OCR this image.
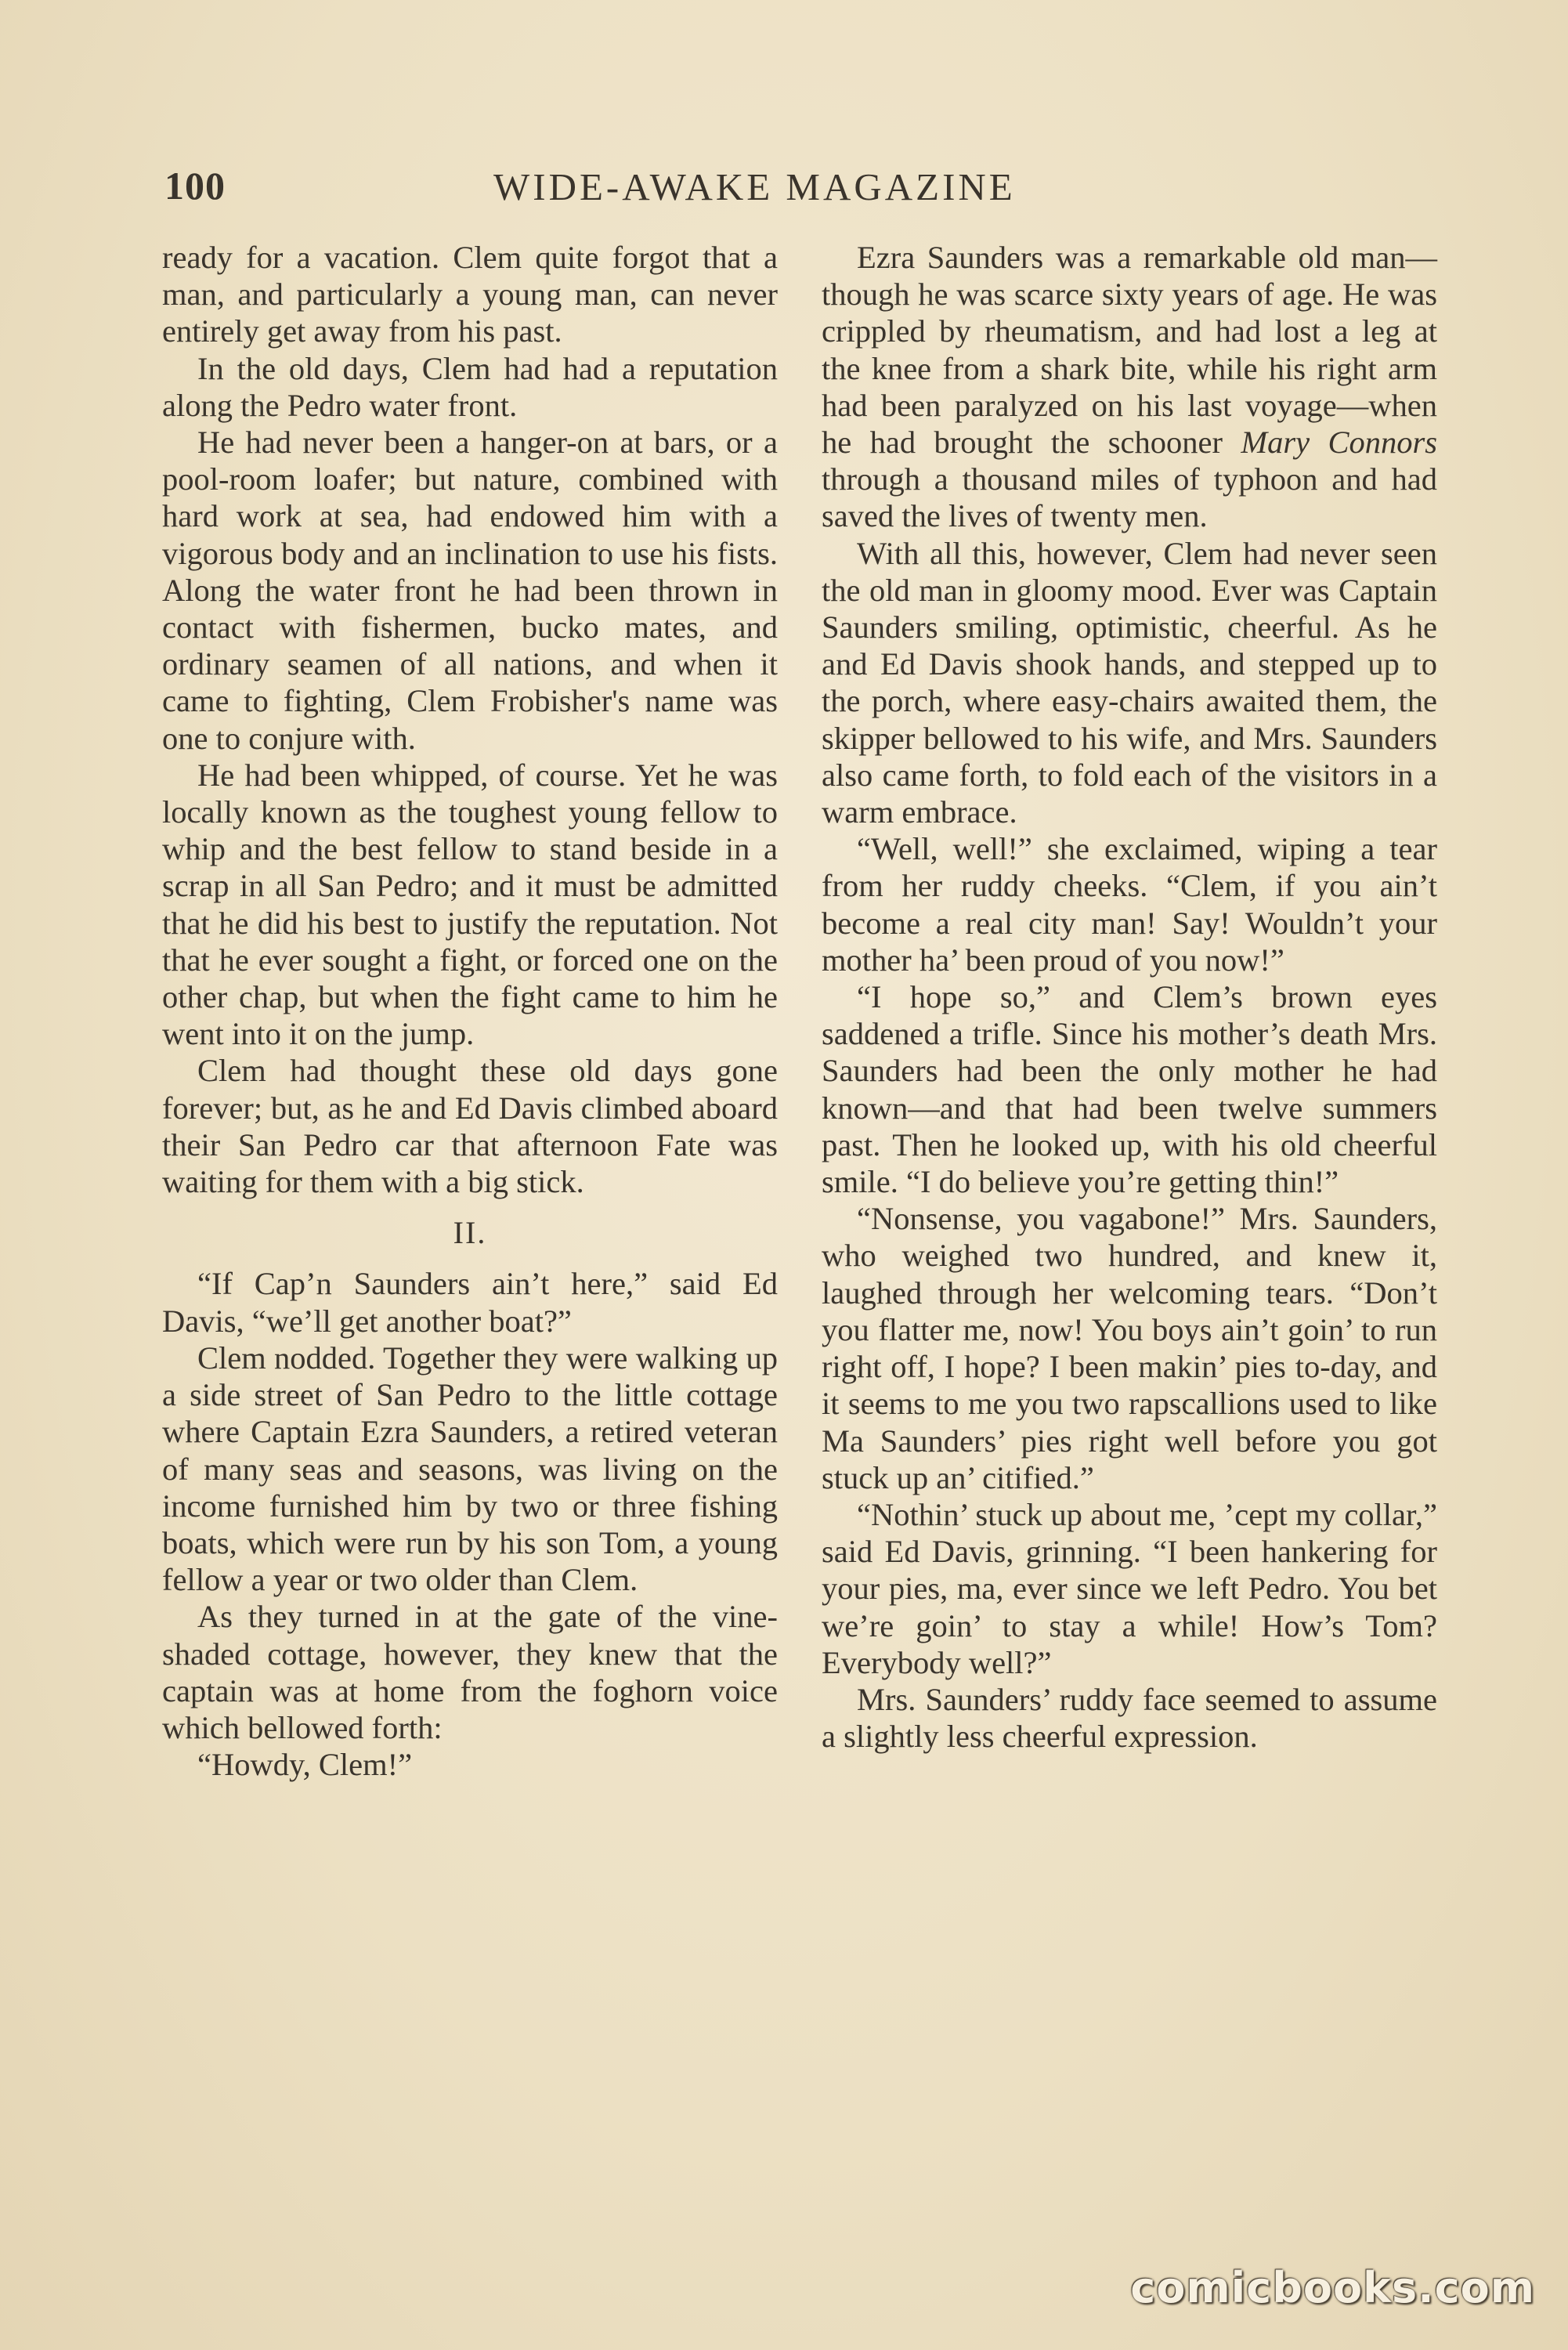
100	WIDE-AWAKE MAGAZINE

ready for a vacation. Clem quite forgot that a man, and particularly a young man, can never entirely get away from his past.

In the old days, Clem had had a reputation along the Pedro water front.

He had never been a hanger-on at bars, or a pool-room loafer; but nature, combined with hard work at sea, had endowed him with a vigorous body and an inclination to use his fists. Along the water front he had been thrown in contact with fishermen, bucko mates, and ordinary seamen of all nations, and when it came to fighting, Clem Frobisher's name was one to conjure with.

He had been whipped, of course. Yet he was locally known as the toughest young fellow to whip and the best fellow to stand beside in a scrap in all San Pedro; and it must be admitted that he did his best to justify the reputation. Not that he ever sought a fight, or forced one on the other chap, but when the fight came to him he went into it on the jump.

Clem had thought these old days gone forever; but, as he and Ed Davis climbed aboard their San Pedro car that afternoon Fate was waiting for them with a big stick.

II.

“If Cap’n Saunders ain’t here,” said Ed Davis, “we’ll get another boat?”

Clem nodded. Together they were walking up a side street of San Pedro to the little cottage where Captain Ezra Saunders, a retired veteran of many seas and seasons, was living on the income furnished him by two or three fishing boats, which were run by his son Tom, a young fellow a year or two older than Clem.

As they turned in at the gate of the vine-shaded cottage, however, they knew that the captain was at home from the foghorn voice which bellowed forth:

“Howdy, Clem!”

Ezra Saunders was a remarkable old man—though he was scarce sixty years of age. He was crippled by rheumatism, and had lost a leg at the knee from a shark bite, while his right arm had been paralyzed on his last voyage—when he had brought the schooner Mary Connors through a thousand miles of typhoon and had saved the lives of twenty men.

With all this, however, Clem had never seen the old man in gloomy mood. Ever was Captain Saunders smiling, optimistic, cheerful. As he and Ed Davis shook hands, and stepped up to the porch, where easy-chairs awaited them, the skipper bellowed to his wife, and Mrs. Saunders also came forth, to fold each of the visitors in a warm embrace.

“Well, well!” she exclaimed, wiping a tear from her ruddy cheeks. “Clem, if you ain’t become a real city man! Say! Wouldn’t your mother ha’ been proud of you now!”

“I hope so,” and Clem’s brown eyes saddened a trifle. Since his mother’s death Mrs. Saunders had been the only mother he had known—and that had been twelve summers past. Then he looked up, with his old cheerful smile. “I do believe you’re getting thin!”

“Nonsense, you vagabone!” Mrs. Saunders, who weighed two hundred, and knew it, laughed through her welcoming tears. “Don’t you flatter me, now! You boys ain’t goin’ to run right off, I hope? I been makin’ pies to-day, and it seems to me you two rapscallions used to like Ma Saunders’ pies right well before you got stuck up an’ citified.”

“Nothin’ stuck up about me, ’cept my collar,” said Ed Davis, grinning. “I been hankering for your pies, ma, ever since we left Pedro. You bet we’re goin’ to stay a while! How’s Tom? Everybody well?”

Mrs. Saunders’ ruddy face seemed to assume a slightly less cheerful expression.

comicbooks.com
